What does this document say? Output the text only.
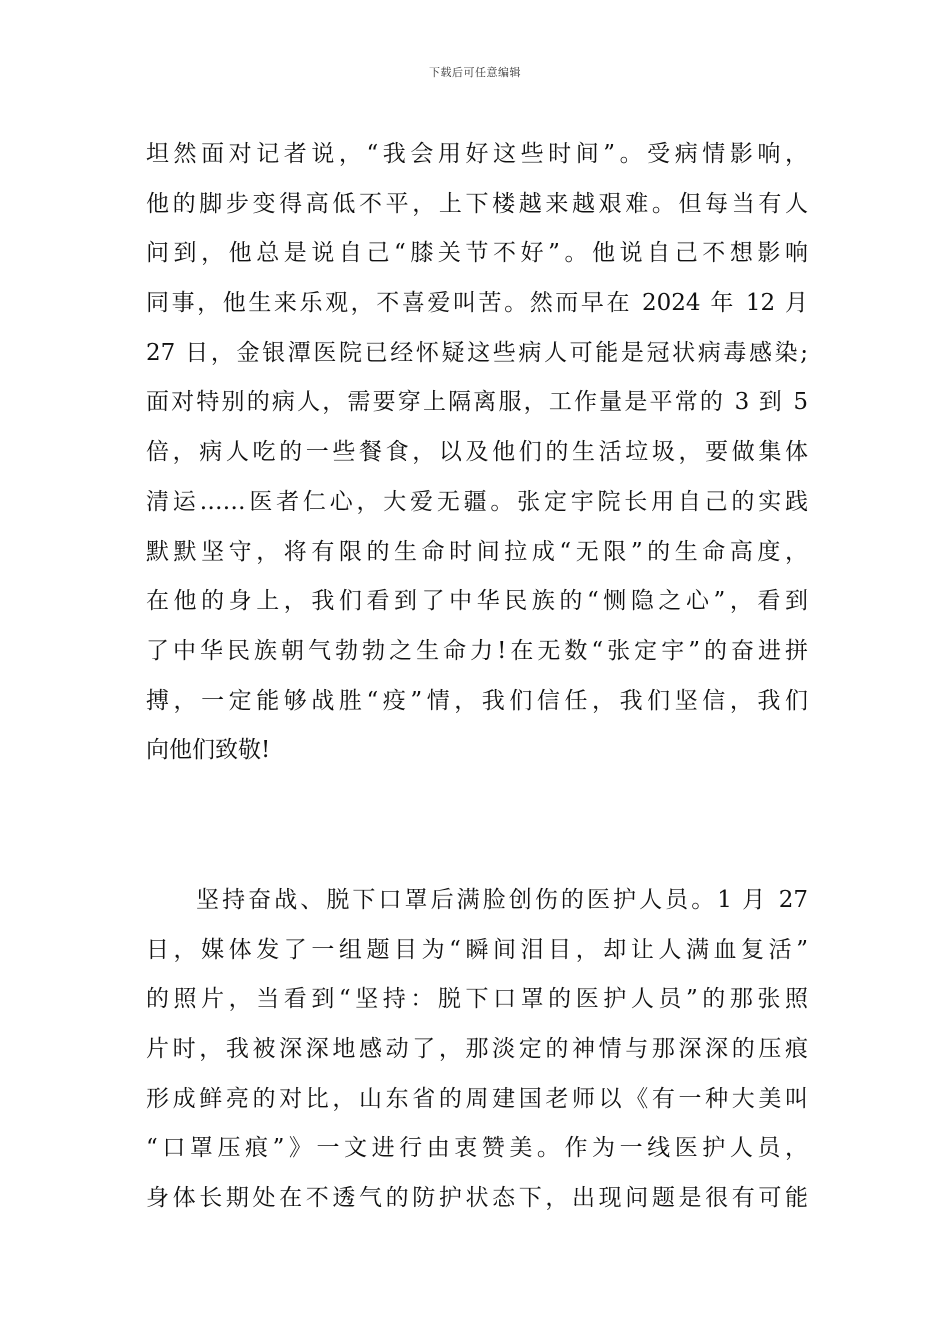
下载后可任意编辑
坦然面对记者说，“我会用好这些时间”。受病情影响，
他的脚步变得高低不平，上下楼越来越艰难。但每当有人
问到，他总是说自己“膝关节不好”。他说自己不想影响
同事，他生来乐观，不喜爱叫苦。然而早在 2024 年 12 月
27 日，金银潭医院已经怀疑这些病人可能是冠状病毒感染;
面对特别的病人，需要穿上隔离服，工作量是平常的 3 到 5
倍，病人吃的一些餐食，以及他们的生活垃圾，要做集体
清运……医者仁心，大爱无疆。张定宇院长用自己的实践
默默坚守，将有限的生命时间拉成“无限”的生命高度，
在他的身上，我们看到了中华民族的“恻隐之心”，看到
了中华民族朝气勃勃之生命力!在无数“张定宇”的奋进拼
搏，一定能够战胜“疫”情，我们信任，我们坚信，我们
向他们致敬!
坚持奋战、脱下口罩后满脸创伤的医护人员。1 月 27
日，媒体发了一组题目为“瞬间泪目，却让人满血复活”
的照片，当看到“坚持：脱下口罩的医护人员”的那张照
片时，我被深深地感动了，那淡定的神情与那深深的压痕
形成鲜亮的对比，山东省的周建国老师以《有一种大美叫
“口罩压痕”》一文进行由衷赞美。作为一线医护人员，
身体长期处在不透气的防护状态下，出现问题是很有可能
